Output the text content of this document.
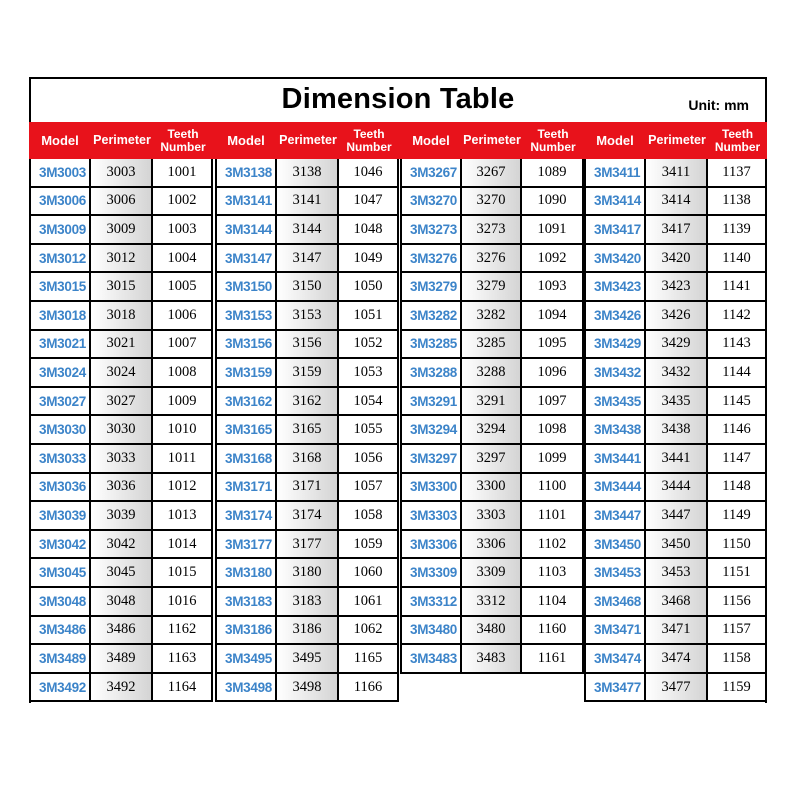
Dimension Table	Unit: mm
Model	Perimeter	Teeth
Number
3M3003	3003	1001
3M3006	3006	1002
3M3009	3009	1003
3M3012	3012	1004
3M3015	3015	1005
3M3018	3018	1006
3M3021	3021	1007
3M3024	3024	1008
3M3027	3027	1009
3M3030	3030	1010
3M3033	3033	1011
3M3036	3036	1012
3M3039	3039	1013
3M3042	3042	1014
3M3045	3045	1015
3M3048	3048	1016
3M3486	3486	1162
3M3489	3489	1163
3M3492	3492	1164
Model	Perimeter	Teeth
Number
3M3138	3138	1046
3M3141	3141	1047
3M3144	3144	1048
3M3147	3147	1049
3M3150	3150	1050
3M3153	3153	1051
3M3156	3156	1052
3M3159	3159	1053
3M3162	3162	1054
3M3165	3165	1055
3M3168	3168	1056
3M3171	3171	1057
3M3174	3174	1058
3M3177	3177	1059
3M3180	3180	1060
3M3183	3183	1061
3M3186	3186	1062
3M3495	3495	1165
3M3498	3498	1166
Model	Perimeter	Teeth
Number
3M3267	3267	1089
3M3270	3270	1090
3M3273	3273	1091
3M3276	3276	1092
3M3279	3279	1093
3M3282	3282	1094
3M3285	3285	1095
3M3288	3288	1096
3M3291	3291	1097
3M3294	3294	1098
3M3297	3297	1099
3M3300	3300	1100
3M3303	3303	1101
3M3306	3306	1102
3M3309	3309	1103
3M3312	3312	1104
3M3480	3480	1160
3M3483	3483	1161
Model	Perimeter	Teeth
Number
3M3411	3411	1137
3M3414	3414	1138
3M3417	3417	1139
3M3420	3420	1140
3M3423	3423	1141
3M3426	3426	1142
3M3429	3429	1143
3M3432	3432	1144
3M3435	3435	1145
3M3438	3438	1146
3M3441	3441	1147
3M3444	3444	1148
3M3447	3447	1149
3M3450	3450	1150
3M3453	3453	1151
3M3468	3468	1156
3M3471	3471	1157
3M3474	3474	1158
3M3477	3477	1159
